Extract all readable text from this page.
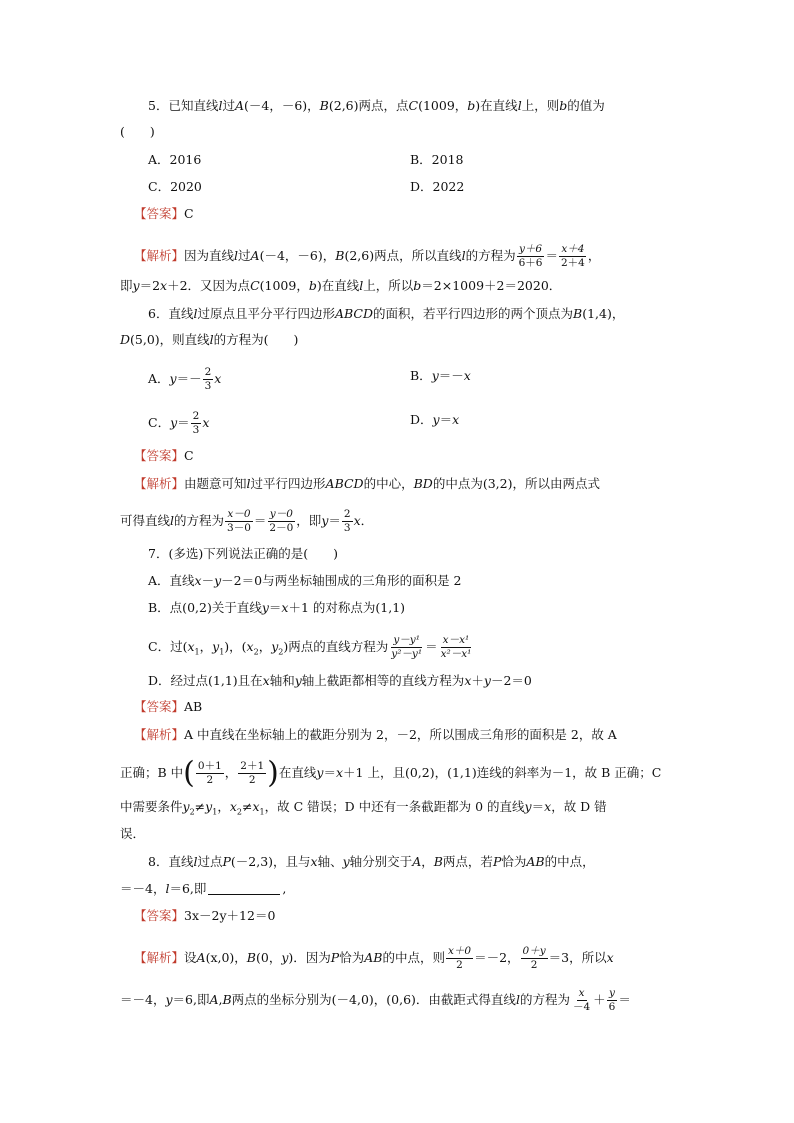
5．已知直线l过A(－4，－6)，B(2,6)两点，点C(1009，b)在直线l上，则b的值为
(　　)
A．2016	B．2018
C．2020	D．2022
【答案】C
【解析】因为直线l过A(－4，－6)，B(2,6)两点，所以直线l的方程为 $\frac{y+6}{6+6} = \frac{x+4}{2+4}$ ，
即y＝2x＋2．又因为点C(1009，b)在直线l上，所以b＝2×1009＋2＝2020．
6．直线l过原点且平分平行四边形ABCD的面积，若平行四边形的两个顶点为B(1,4)，
D(5,0)，则直线l的方程为(　　)
A．$y=- \frac{2}{3}$ x	B．y＝－x
C．$y= \frac{2}{3}$ x	D．y＝x
【答案】C
【解析】由题意可知l过平行四边形ABCD的中心，BD的中点为(3,2)，所以由两点式
可得直线l的方程为 $\frac{x-0}{3-0} = \frac{y-0}{2-0}$ ，即$y= \frac{2}{3}$ x．
7．(多选)下列说法正确的是(　　)
A．直线x－y－2＝0与两坐标轴围成的三角形的面积是 2
B．点(0,2)关于直线y＝x＋1 的对称点为(1,1)
C．过($x_1$，$y_1$)，($x_2$，$y_2$)两点的直线方程为 $\frac{\text{y－y¹}}{\text{y²－y¹}} = \frac{\text{x－x¹}}{\text{x²－x¹}}$
D．经过点(1,1)且在x轴和y轴上截距都相等的直线方程为x＋y－2＝0
【答案】AB
【解析】A 中直线在坐标轴上的截距分别为 2，－2，所以围成三角形的面积是 2，故 A
正确；B 中( $\frac{0+1}{2}$ ， $\frac{2+1}{2}$ )在直线y＝x＋1 上，且(0,2)，(1,1)连线的斜率为－1，故 B 正确；C
中需要条件$y_2\ne y_1$，$x_2\ne x_1$，故 C 错误；D 中还有一条截距都为 0 的直线y＝x，故 D 错
误．
8．直线l过点P(－2,3)，且与x轴、y轴分别交于A，B两点，若P恰为AB的中点，
＝－4，l＝6,即	,
【答案】3x－2y＋12＝0
【解析】设A(x,0)，B(0，y)．因为P恰为AB的中点，则 $\frac{x+0}{2} =-2$， $\frac{0+y}{2} =3$，所以x
＝－4，y＝6,即A,B两点的坐标分别为(－4,0)，(0,6)．由截距式得直线l的方程为 $\frac{x}{-4} + \frac{y}{6}$ ＝
